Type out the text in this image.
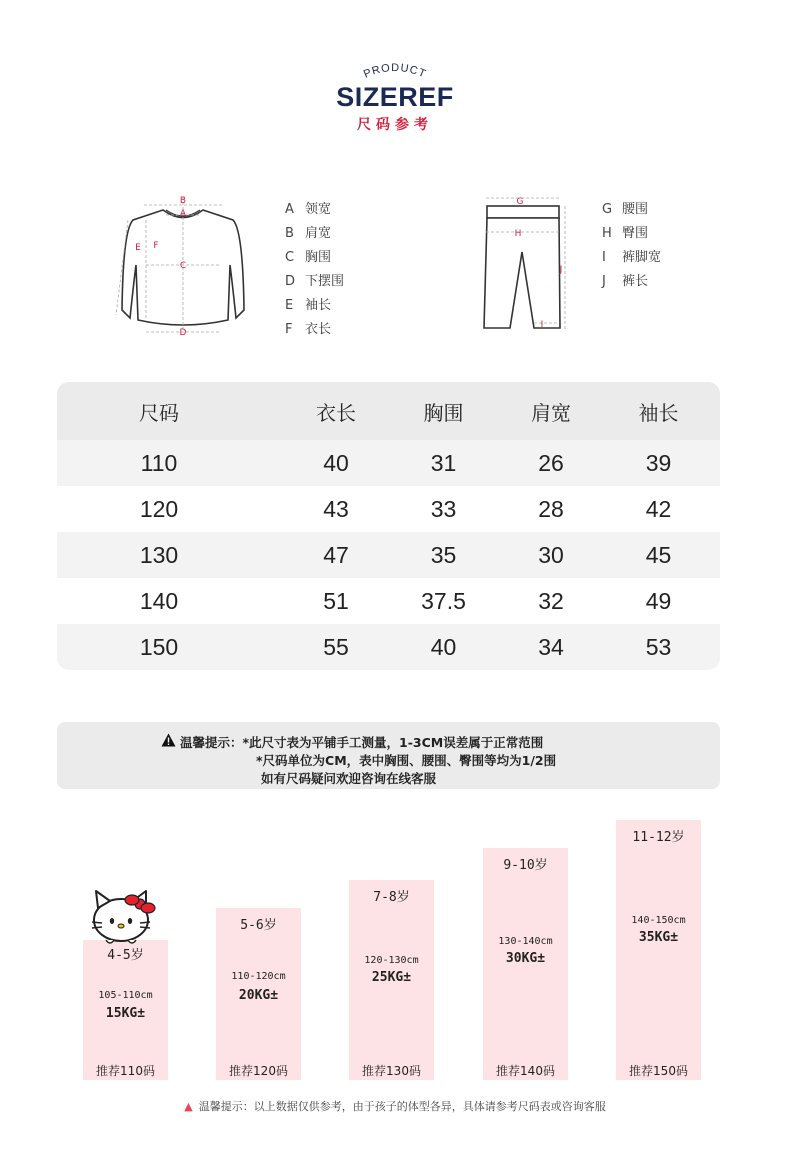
PRODUCT
SIZEREF
尺码参考
B
A
C
D
E F
A 领宽
B 肩宽
C 胸围
D 下摆围
E 袖长
F 衣长
G
H
I
J
G 腰围
H 臀围
I	裤脚宽
J	裤长
尺码	衣长	胸围	肩宽	袖长
110	40	31	26	39
120	43	33	28	42
130	47	35	30	45
140	51	37.5	32	49
150	55	40	34	53
温馨提示：*此尺寸表为平铺手工测量，1-3CM误差属于正常范围
*尺码单位为CM，表中胸围、腰围、臀围等均为1/2围
如有尺码疑问欢迎咨询在线客服
4-5岁
105-110cm
15KG±
推荐110码
5-6岁
110-120cm
20KG±
推荐120码
7-8岁
120-130cm
25KG±
推荐130码
9-10岁
130-140cm
30KG±
推荐140码
11-12岁
140-150cm
35KG±
推荐150码
▲ 温馨提示：以上数据仅供参考，由于孩子的体型各异，具体请参考尺码表或咨询客服
